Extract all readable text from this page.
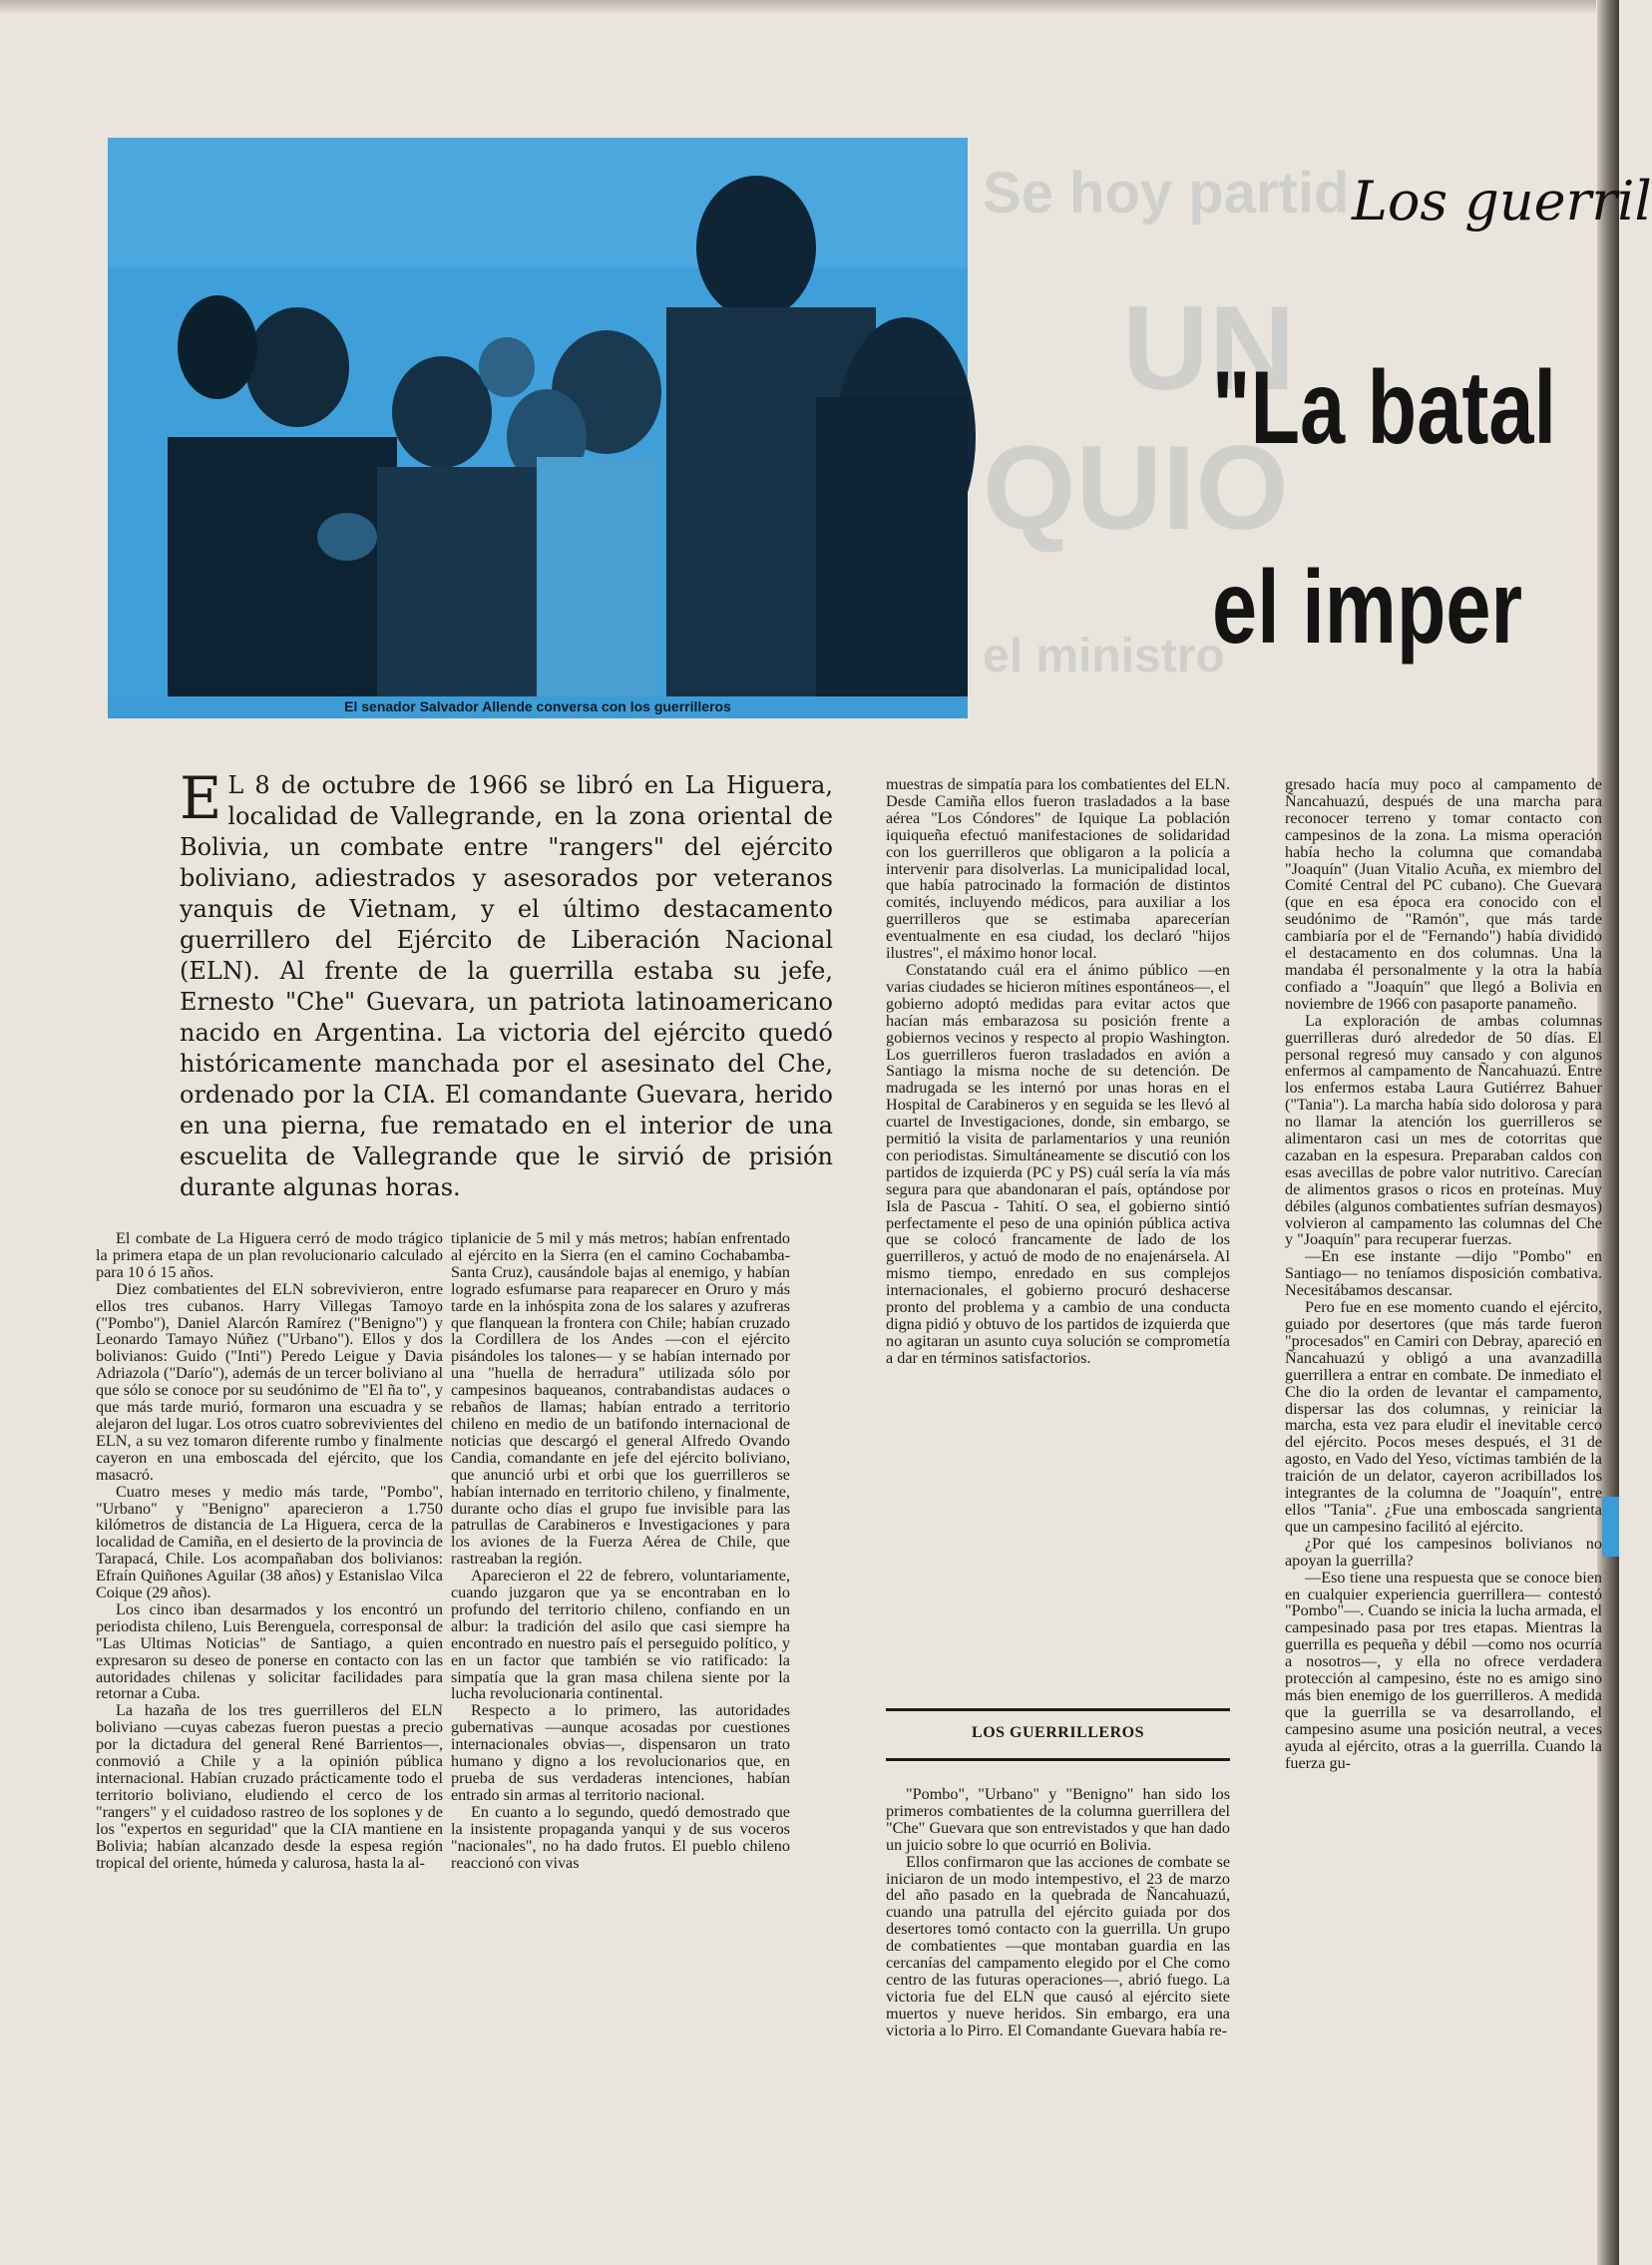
El senador Salvador Allende conversa con los guerrilleros
Se hoy partid
UN
QUIO
el ministro
Los guerril
"La batal
el imper

E L 8 de octubre de 1966 se libró en La Higuera, localidad de Vallegrande, en la zona oriental de Bolivia, un combate entre "rangers" del ejército boliviano, adiestrados y asesorados por veteranos yanquis de Vietnam, y el último destacamento guerrillero del Ejército de Liberación Nacional (ELN). Al frente de la guerrilla estaba su jefe, Ernesto "Che" Guevara, un patriota latinoamericano nacido en Argentina. La victoria del ejército quedó históricamente manchada por el asesinato del Che, ordenado por la CIA. El comandante Guevara, herido en una pierna, fue rematado en el interior de una escuelita de Vallegrande que le sirvió de prisión durante algunas horas.

El combate de La Higuera cerró de modo trágico la primera etapa de un plan revolucionario calculado para 10 ó 15 años.

Diez combatientes del ELN sobrevivieron, entre ellos tres cubanos. Harry Villegas Tamoyo ("Pombo"), Daniel Alarcón Ramírez ("Benigno") y Leonardo Tamayo Núñez ("Urbano"). Ellos y dos bolivianos: Guido ("Inti") Peredo Leigue y Davia Adriazola ("Darío"), además de un tercer boliviano al que sólo se conoce por su seudónimo de "El ña to", y que más tarde murió, formaron una escuadra y se alejaron del lugar. Los otros cuatro sobrevivientes del ELN, a su vez tomaron diferente rumbo y finalmente cayeron en una emboscada del ejército, que los masacró.

Cuatro meses y medio más tarde, "Pombo", "Urbano" y "Benigno" aparecieron a 1.750 kilómetros de distancia de La Higuera, cerca de la localidad de Camiña, en el desierto de la provincia de Tarapacá, Chile. Los acompañaban dos bolivianos: Efraín Quiñones Aguilar (38 años) y Estanislao Vilca Coique (29 años).

Los cinco iban desarmados y los encontró un periodista chileno, Luis Berenguela, corresponsal de "Las Ultimas Noticias" de Santiago, a quien expresaron su deseo de ponerse en contacto con las autoridades chilenas y solicitar facilidades para retornar a Cuba.

La hazaña de los tres guerrilleros del ELN boliviano —cuyas cabezas fueron puestas a precio por la dictadura del general René Barrientos—, conmovió a Chile y a la opinión pública internacional. Habían cruzado prácticamente todo el territorio boliviano, eludiendo el cerco de los "rangers" y el cuidadoso rastreo de los soplones y de los "expertos en seguridad" que la CIA mantiene en Bolivia; habían alcanzado desde la espesa región tropical del oriente, húmeda y calurosa, hasta la al-

tiplanicie de 5 mil y más metros; habían enfrentado al ejército en la Sierra (en el camino Cochabamba-Santa Cruz), causándole bajas al enemigo, y habían logrado esfumarse para reaparecer en Oruro y más tarde en la inhóspita zona de los salares y azufreras que flanquean la frontera con Chile; habían cruzado la Cordillera de los Andes —con el ejército pisándoles los talones— y se habían internado por una "huella de herradura" utilizada sólo por campesinos baqueanos, contrabandistas audaces o rebaños de llamas; habían entrado a territorio chileno en medio de un batifondo internacional de noticias que descargó el general Alfredo Ovando Candia, comandante en jefe del ejército boliviano, que anunció urbi et orbi que los guerrilleros se habían internado en territorio chileno, y finalmente, durante ocho días el grupo fue invisible para las patrullas de Carabineros e Investigaciones y para los aviones de la Fuerza Aérea de Chile, que rastreaban la región.

Aparecieron el 22 de febrero, voluntariamente, cuando juzgaron que ya se encontraban en lo profundo del territorio chileno, confiando en un albur: la tradición del asilo que casi siempre ha encontrado en nuestro país el perseguido político, y en un factor que también se vio ratificado: la simpatía que la gran masa chilena siente por la lucha revolucionaria continental.

Respecto a lo primero, las autoridades gubernativas —aunque acosadas por cuestiones internacionales obvias—, dispensaron un trato humano y digno a los revolucionarios que, en prueba de sus verdaderas intenciones, habían entrado sin armas al territorio nacional.

En cuanto a lo segundo, quedó demostrado que la insistente propaganda yanqui y de sus voceros "nacionales", no ha dado frutos. El pueblo chileno reaccionó con vivas

muestras de simpatía para los combatientes del ELN. Desde Camiña ellos fueron trasladados a la base aérea "Los Cóndores" de Iquique La población iquiqueña efectuó manifestaciones de solidaridad con los guerrilleros que obligaron a la policía a intervenir para disolverlas. La municipalidad local, que había patrocinado la formación de distintos comités, incluyendo médicos, para auxiliar a los guerrilleros que se estimaba aparecerían eventualmente en esa ciudad, los declaró "hijos ilustres", el máximo honor local.

Constatando cuál era el ánimo público —en varias ciudades se hicieron mítines espontáneos—, el gobierno adoptó medidas para evitar actos que hacían más embarazosa su posición frente a gobiernos vecinos y respecto al propio Washington. Los guerrilleros fueron trasladados en avión a Santiago la misma noche de su detención. De madrugada se les internó por unas horas en el Hospital de Carabineros y en seguida se les llevó al cuartel de Investigaciones, donde, sin embargo, se permitió la visita de parlamentarios y una reunión con periodistas. Simultáneamente se discutió con los partidos de izquierda (PC y PS) cuál sería la vía más segura para que abandonaran el país, optándose por Isla de Pascua - Tahití. O sea, el gobierno sintió perfectamente el peso de una opinión pública activa que se colocó francamente de lado de los guerrilleros, y actuó de modo de no enajenársela. Al mismo tiempo, enredado en sus complejos internacionales, el gobierno procuró deshacerse pronto del problema y a cambio de una conducta digna pidió y obtuvo de los partidos de izquierda que no agitaran un asunto cuya solución se comprometía a dar en términos satisfactorios.

LOS GUERRILLEROS

"Pombo", "Urbano" y "Benigno" han sido los primeros combatientes de la columna guerrillera del "Che" Guevara que son entrevistados y que han dado un juicio sobre lo que ocurrió en Bolivia.

Ellos confirmaron que las acciones de combate se iniciaron de un modo intempestivo, el 23 de marzo del año pasado en la quebrada de Ñancahuazú, cuando una patrulla del ejército guiada por dos desertores tomó contacto con la guerrilla. Un grupo de combatientes —que montaban guardia en las cercanías del campamento elegido por el Che como centro de las futuras operaciones—, abrió fuego. La victoria fue del ELN que causó al ejército siete muertos y nueve heridos. Sin embargo, era una victoria a lo Pirro. El Comandante Guevara había re-

gresado hacía muy poco al campamento de Ñancahuazú, después de una marcha para reconocer terreno y tomar contacto con campesinos de la zona. La misma operación había hecho la columna que comandaba "Joaquín" (Juan Vitalio Acuña, ex miembro del Comité Central del PC cubano). Che Guevara (que en esa época era conocido con el seudónimo de "Ramón", que más tarde cambiaría por el de "Fernando") había dividido el destacamento en dos columnas. Una la mandaba él personalmente y la otra la había confiado a "Joaquín" que llegó a Bolivia en noviembre de 1966 con pasaporte panameño.

La exploración de ambas columnas guerrilleras duró alrededor de 50 días. El personal regresó muy cansado y con algunos enfermos al campamento de Ñancahuazú. Entre los enfermos estaba Laura Gutiérrez Bahuer ("Tania"). La marcha había sido dolorosa y para no llamar la atención los guerrilleros se alimentaron casi un mes de cotorritas que cazaban en la espesura. Preparaban caldos con esas avecillas de pobre valor nutritivo. Carecían de alimentos grasos o ricos en proteínas. Muy débiles (algunos combatientes sufrían desmayos) volvieron al campamento las columnas del Che y "Joaquín" para recuperar fuerzas.

—En ese instante —dijo "Pombo" en Santiago— no teníamos disposición combativa. Necesitábamos descansar.

Pero fue en ese momento cuando el ejército, guiado por desertores (que más tarde fueron "procesados" en Camiri con Debray, apareció en Ñancahuazú y obligó a una avanzadilla guerrillera a entrar en combate. De inmediato el Che dio la orden de levantar el campamento, dispersar las dos columnas, y reiniciar la marcha, esta vez para eludir el inevitable cerco del ejército. Pocos meses después, el 31 de agosto, en Vado del Yeso, víctimas también de la traición de un delator, cayeron acribillados los integrantes de la columna de "Joaquín", entre ellos "Tania". ¿Fue una emboscada sangrienta que un campesino facilitó al ejército.

¿Por qué los campesinos bolivianos no apoyan la guerrilla?

—Eso tiene una respuesta que se conoce bien en cualquier experiencia guerrillera— contestó "Pombo"—. Cuando se inicia la lucha armada, el campesinado pasa por tres etapas. Mientras la guerrilla es pequeña y débil —como nos ocurría a nosotros—, y ella no ofrece verdadera protección al campesino, éste no es amigo sino más bien enemigo de los guerrilleros. A medida que la guerrilla se va desarrollando, el campesino asume una posición neutral, a veces ayuda al ejército, otras a la guerrilla. Cuando la fuerza gu-
